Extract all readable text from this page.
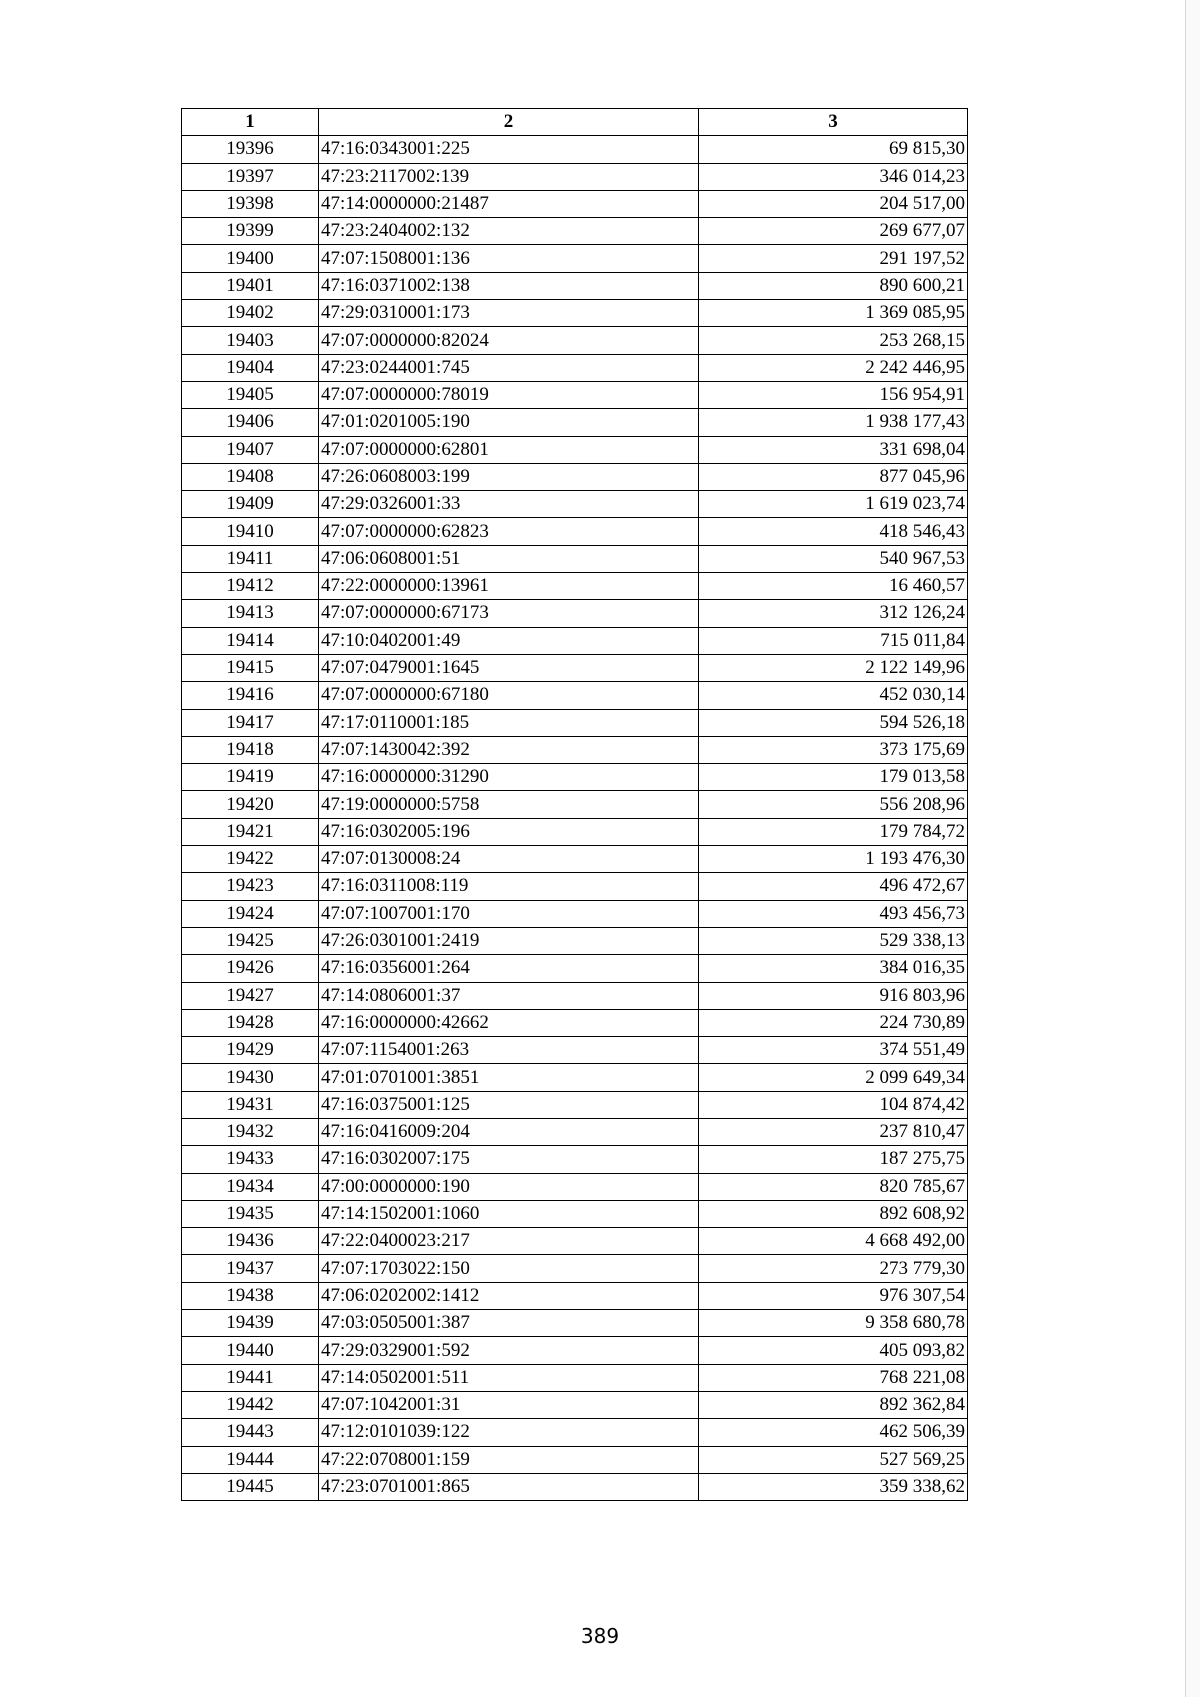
1	2	3
19396	47:16:0343001:225	69 815,30
19397	47:23:2117002:139	346 014,23
19398	47:14:0000000:21487	204 517,00
19399	47:23:2404002:132	269 677,07
19400	47:07:1508001:136	291 197,52
19401	47:16:0371002:138	890 600,21
19402	47:29:0310001:173	1 369 085,95
19403	47:07:0000000:82024	253 268,15
19404	47:23:0244001:745	2 242 446,95
19405	47:07:0000000:78019	156 954,91
19406	47:01:0201005:190	1 938 177,43
19407	47:07:0000000:62801	331 698,04
19408	47:26:0608003:199	877 045,96
19409	47:29:0326001:33	1 619 023,74
19410	47:07:0000000:62823	418 546,43
19411	47:06:0608001:51	540 967,53
19412	47:22:0000000:13961	16 460,57
19413	47:07:0000000:67173	312 126,24
19414	47:10:0402001:49	715 011,84
19415	47:07:0479001:1645	2 122 149,96
19416	47:07:0000000:67180	452 030,14
19417	47:17:0110001:185	594 526,18
19418	47:07:1430042:392	373 175,69
19419	47:16:0000000:31290	179 013,58
19420	47:19:0000000:5758	556 208,96
19421	47:16:0302005:196	179 784,72
19422	47:07:0130008:24	1 193 476,30
19423	47:16:0311008:119	496 472,67
19424	47:07:1007001:170	493 456,73
19425	47:26:0301001:2419	529 338,13
19426	47:16:0356001:264	384 016,35
19427	47:14:0806001:37	916 803,96
19428	47:16:0000000:42662	224 730,89
19429	47:07:1154001:263	374 551,49
19430	47:01:0701001:3851	2 099 649,34
19431	47:16:0375001:125	104 874,42
19432	47:16:0416009:204	237 810,47
19433	47:16:0302007:175	187 275,75
19434	47:00:0000000:190	820 785,67
19435	47:14:1502001:1060	892 608,92
19436	47:22:0400023:217	4 668 492,00
19437	47:07:1703022:150	273 779,30
19438	47:06:0202002:1412	976 307,54
19439	47:03:0505001:387	9 358 680,78
19440	47:29:0329001:592	405 093,82
19441	47:14:0502001:511	768 221,08
19442	47:07:1042001:31	892 362,84
19443	47:12:0101039:122	462 506,39
19444	47:22:0708001:159	527 569,25
19445	47:23:0701001:865	359 338,62
389
